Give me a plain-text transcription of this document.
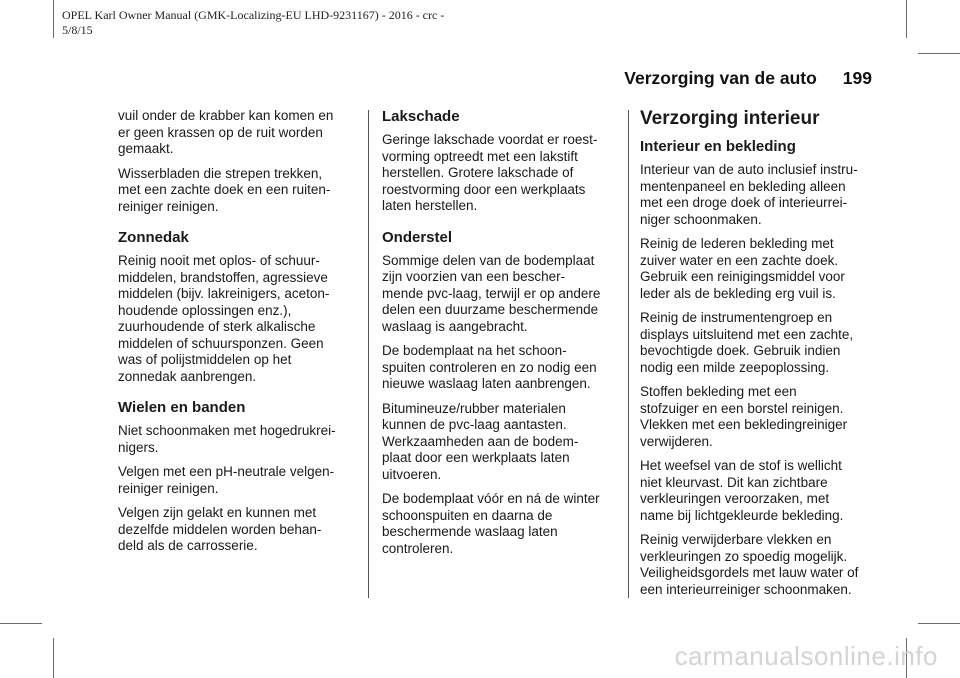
OPEL Karl Owner Manual (GMK-Localizing-EU LHD-9231167) - 2016 - crc -
5/8/15
Verzorging van de auto 199
vuil onder de krabber kan komen en
er geen krassen op de ruit worden
gemaakt.
Wisserbladen die strepen trekken,
met een zachte doek en een ruiten-
reiniger reinigen.
Zonnedak
Reinig nooit met oplos- of schuur-
middelen, brandstoffen, agressieve
middelen (bijv. lakreinigers, aceton-
houdende oplossingen enz.),
zuurhoudende of sterk alkalische
middelen of schuursponzen. Geen
was of polijstmiddelen op het
zonnedak aanbrengen.
Wielen en banden
Niet schoonmaken met hogedrukrei-
nigers.
Velgen met een pH-neutrale velgen-
reiniger reinigen.
Velgen zijn gelakt en kunnen met
dezelfde middelen worden behan-
deld als de carrosserie.
Lakschade
Geringe lakschade voordat er roest-
vorming optreedt met een lakstift
herstellen. Grotere lakschade of
roestvorming door een werkplaats
laten herstellen.
Onderstel
Sommige delen van de bodemplaat
zijn voorzien van een bescher-
mende pvc-laag, terwijl er op andere
delen een duurzame beschermende
waslaag is aangebracht.
De bodemplaat na het schoon-
spuiten controleren en zo nodig een
nieuwe waslaag laten aanbrengen.
Bitumineuze/rubber materialen
kunnen de pvc-laag aantasten.
Werkzaamheden aan de bodem-
plaat door een werkplaats laten
uitvoeren.
De bodemplaat vóór en ná de winter
schoonspuiten en daarna de
beschermende waslaag laten
controleren.
Verzorging interieur
Interieur en bekleding
Interieur van de auto inclusief instru-
mentenpaneel en bekleding alleen
met een droge doek of interieurrei-
niger schoonmaken.
Reinig de lederen bekleding met
zuiver water en een zachte doek.
Gebruik een reinigingsmiddel voor
leder als de bekleding erg vuil is.
Reinig de instrumentengroep en
displays uitsluitend met een zachte,
bevochtigde doek. Gebruik indien
nodig een milde zeepoplossing.
Stoffen bekleding met een
stofzuiger en een borstel reinigen.
Vlekken met een bekledingreiniger
verwijderen.
Het weefsel van de stof is wellicht
niet kleurvast. Dit kan zichtbare
verkleuringen veroorzaken, met
name bij lichtgekleurde bekleding.
Reinig verwijderbare vlekken en
verkleuringen zo spoedig mogelijk.
Veiligheidsgordels met lauw water of
een interieurreiniger schoonmaken.
carmanualsonline.info
